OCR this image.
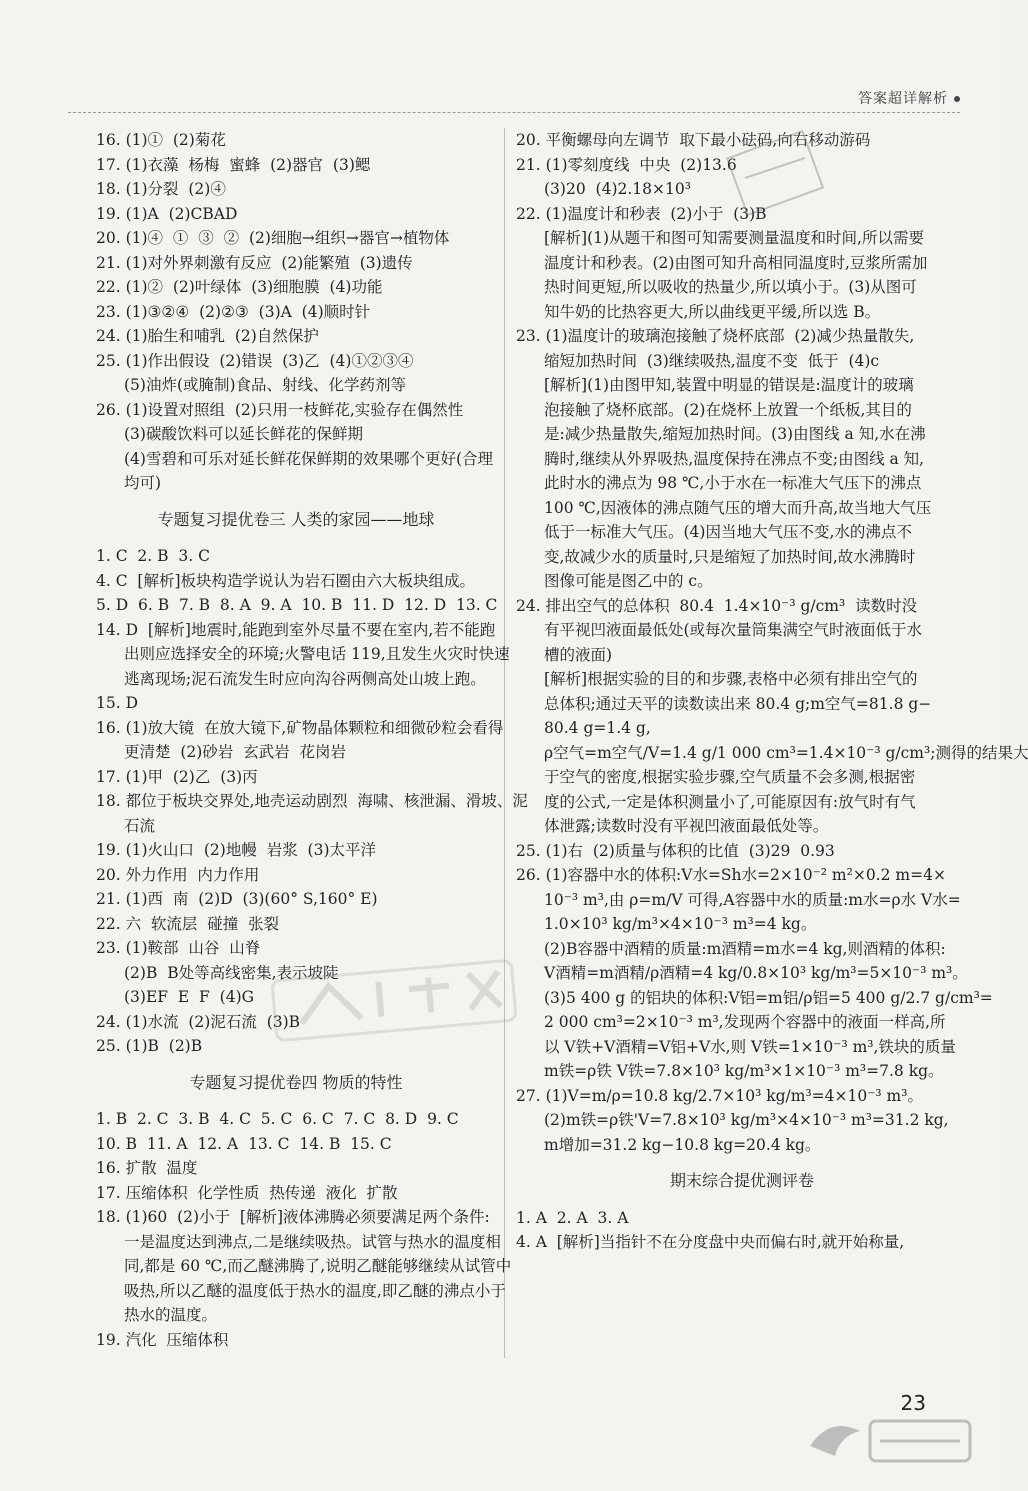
答案超详解析
16. (1)①  (2)菊花
17. (1)衣藻  杨梅  蜜蜂  (2)器官  (3)鳃
18. (1)分裂  (2)④
19. (1)A  (2)CBAD
20. (1)④  ①  ③  ②  (2)细胞→组织→器官→植物体
21. (1)对外界刺激有反应  (2)能繁殖  (3)遗传
22. (1)②  (2)叶绿体  (3)细胞膜  (4)功能
23. (1)③②④  (2)②③  (3)A  (4)顺时针
24. (1)胎生和哺乳  (2)自然保护
25. (1)作出假设  (2)错误  (3)乙  (4)①②③④
(5)油炸(或腌制)食品、射线、化学药剂等
26. (1)设置对照组  (2)只用一枝鲜花,实验存在偶然性
(3)碳酸饮料可以延长鲜花的保鲜期
(4)雪碧和可乐对延长鲜花保鲜期的效果哪个更好(合理
均可)
专题复习提优卷三 人类的家园——地球
1. C  2. B  3. C
4. C  [解析]板块构造学说认为岩石圈由六大板块组成。
5. D  6. B  7. B  8. A  9. A  10. B  11. D  12. D  13. C
14. D  [解析]地震时,能跑到室外尽量不要在室内,若不能跑
出则应选择安全的环境;火警电话 119,且发生火灾时快速
逃离现场;泥石流发生时应向沟谷两侧高处山坡上跑。
15. D
16. (1)放大镜  在放大镜下,矿物晶体颗粒和细微砂粒会看得
更清楚  (2)砂岩  玄武岩  花岗岩
17. (1)甲  (2)乙  (3)丙
18. 都位于板块交界处,地壳运动剧烈  海啸、核泄漏、滑坡、泥
石流
19. (1)火山口  (2)地幔  岩浆  (3)太平洋
20. 外力作用  内力作用
21. (1)西  南  (2)D  (3)(60° S,160° E)
22. 六  软流层  碰撞  张裂
23. (1)鞍部  山谷  山脊
(2)B  B处等高线密集,表示坡陡
(3)EF  E  F  (4)G
24. (1)水流  (2)泥石流  (3)B
25. (1)B  (2)B
专题复习提优卷四 物质的特性
1. B  2. C  3. B  4. C  5. C  6. C  7. C  8. D  9. C
10. B  11. A  12. A  13. C  14. B  15. C
16. 扩散  温度
17. 压缩体积  化学性质  热传递  液化  扩散
18. (1)60  (2)小于  [解析]液体沸腾必须要满足两个条件:
一是温度达到沸点,二是继续吸热。试管与热水的温度相
同,都是 60 ℃,而乙醚沸腾了,说明乙醚能够继续从试管中
吸热,所以乙醚的温度低于热水的温度,即乙醚的沸点小于
热水的温度。
19. 汽化  压缩体积
20. 平衡螺母向左调节  取下最小砝码,向右移动游码
21. (1)零刻度线  中央  (2)13.6
(3)20  (4)2.18×10³
22. (1)温度计和秒表  (2)小于  (3)B
[解析](1)从题干和图可知需要测量温度和时间,所以需要
温度计和秒表。(2)由图可知升高相同温度时,豆浆所需加
热时间更短,所以吸收的热量少,所以填小于。(3)从图可
知牛奶的比热容更大,所以曲线更平缓,所以选 B。
23. (1)温度计的玻璃泡接触了烧杯底部  (2)减少热量散失,
缩短加热时间  (3)继续吸热,温度不变  低于  (4)c
[解析](1)由图甲知,装置中明显的错误是:温度计的玻璃
泡接触了烧杯底部。(2)在烧杯上放置一个纸板,其目的
是:减少热量散失,缩短加热时间。(3)由图线 a 知,水在沸
腾时,继续从外界吸热,温度保持在沸点不变;由图线 a 知,
此时水的沸点为 98 ℃,小于水在一标准大气压下的沸点
100 ℃,因液体的沸点随气压的增大而升高,故当地大气压
低于一标准大气压。(4)因当地大气压不变,水的沸点不
变,故减少水的质量时,只是缩短了加热时间,故水沸腾时
图像可能是图乙中的 c。
24. 排出空气的总体积  80.4  1.4×10⁻³ g/cm³  读数时没
有平视凹液面最低处(或每次量筒集满空气时液面低于水
槽的液面)
[解析]根据实验的目的和步骤,表格中必须有排出空气的
总体积;通过天平的读数读出来 80.4 g;m空气=81.8 g−
80.4 g=1.4 g,
ρ空气=m空气/V=1.4 g/1 000 cm³=1.4×10⁻³ g/cm³;测得的结果大
于空气的密度,根据实验步骤,空气质量不会多测,根据密
度的公式,一定是体积测量小了,可能原因有:放气时有气
体泄露;读数时没有平视凹液面最低处等。
25. (1)右  (2)质量与体积的比值  (3)29  0.93
26. (1)容器中水的体积:V水=Sh水=2×10⁻² m²×0.2 m=4×
10⁻³ m³,由 ρ=m/V 可得,A容器中水的质量:m水=ρ水 V水=
1.0×10³ kg/m³×4×10⁻³ m³=4 kg。
(2)B容器中酒精的质量:m酒精=m水=4 kg,则酒精的体积:
V酒精=m酒精/ρ酒精=4 kg/0.8×10³ kg/m³=5×10⁻³ m³。
(3)5 400 g 的铝块的体积:V铝=m铝/ρ铝=5 400 g/2.7 g/cm³=
2 000 cm³=2×10⁻³ m³,发现两个容器中的液面一样高,所
以 V铁+V酒精=V铝+V水,则 V铁=1×10⁻³ m³,铁块的质量
m铁=ρ铁 V铁=7.8×10³ kg/m³×1×10⁻³ m³=7.8 kg。
27. (1)V=m/ρ=10.8 kg/2.7×10³ kg/m³=4×10⁻³ m³。
(2)m铁=ρ铁'V=7.8×10³ kg/m³×4×10⁻³ m³=31.2 kg,
m增加=31.2 kg−10.8 kg=20.4 kg。
期末综合提优测评卷
1. A  2. A  3. A
4. A  [解析]当指针不在分度盘中央而偏右时,就开始称量,
23
